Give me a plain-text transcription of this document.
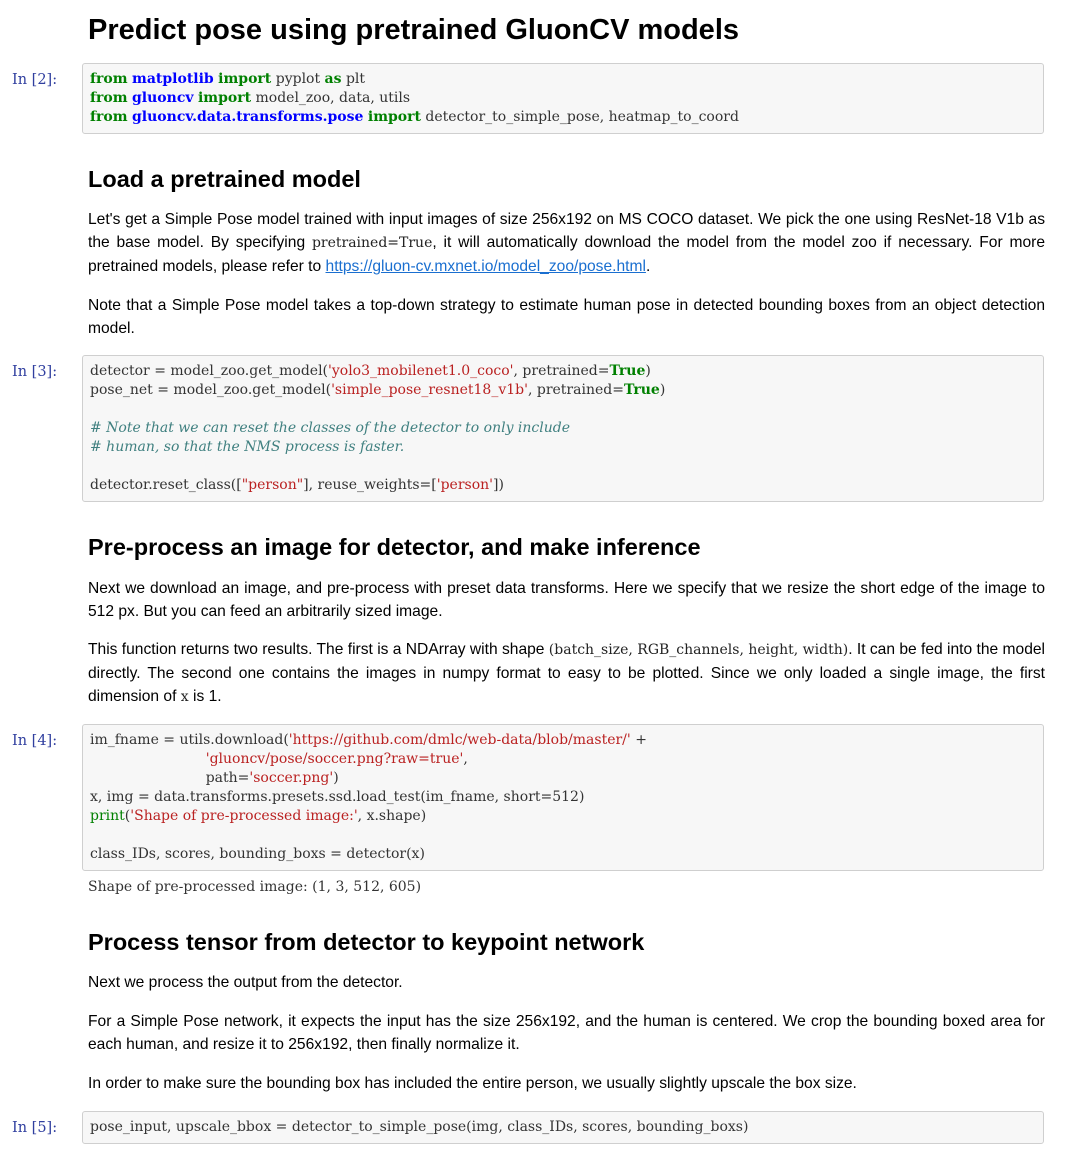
Predict pose using pretrained GluonCV models
In [2]: from matplotlib import pyplot as plt
from gluoncv import model_zoo, data, utils
from gluoncv.data.transforms.pose import detector_to_simple_pose, heatmap_to_coord
Load a pretrained model

Let's get a Simple Pose model trained with input images of size 256x192 on MS COCO dataset. We pick the one using ResNet-18 V1b as the base model. By specifying pretrained=True, it will automatically download the model from the model zoo if necessary. For more pretrained models, please refer to https://gluon-cv.mxnet.io/model_zoo/pose.html.

Note that a Simple Pose model takes a top-down strategy to estimate human pose in detected bounding boxes from an object detection model.

In [3]: detector = model_zoo.get_model('yolo3_mobilenet1.0_coco', pretrained=True)
pose_net = model_zoo.get_model('simple_pose_resnet18_v1b', pretrained=True)
# Note that we can reset the classes of the detector to only include
# human, so that the NMS process is faster.
detector.reset_class(["person"], reuse_weights=['person'])
Pre-process an image for detector, and make inference

Next we download an image, and pre-process with preset data transforms. Here we specify that we resize the short edge of the image to 512 px. But you can feed an arbitrarily sized image.

This function returns two results. The first is a NDArray with shape (batch_size, RGB_channels, height, width). It can be fed into the model directly. The second one contains the images in numpy format to easy to be plotted. Since we only loaded a single image, the first dimension of x is 1.

In [4]: im_fname = utils.download('https://github.com/dmlc/web-data/blob/master/' +
'gluoncv/pose/soccer.png?raw=true',
path='soccer.png')
x, img = data.transforms.presets.ssd.load_test(im_fname, short=512)
print('Shape of pre-processed image:', x.shape)
class_IDs, scores, bounding_boxs = detector(x)
Shape of pre-processed image: (1, 3, 512, 605)
Process tensor from detector to keypoint network

Next we process the output from the detector.

For a Simple Pose network, it expects the input has the size 256x192, and the human is centered. We crop the bounding boxed area for each human, and resize it to 256x192, then finally normalize it.

In order to make sure the bounding box has included the entire person, we usually slightly upscale the box size.

In [5]: pose_input, upscale_bbox = detector_to_simple_pose(img, class_IDs, scores, bounding_boxs)
